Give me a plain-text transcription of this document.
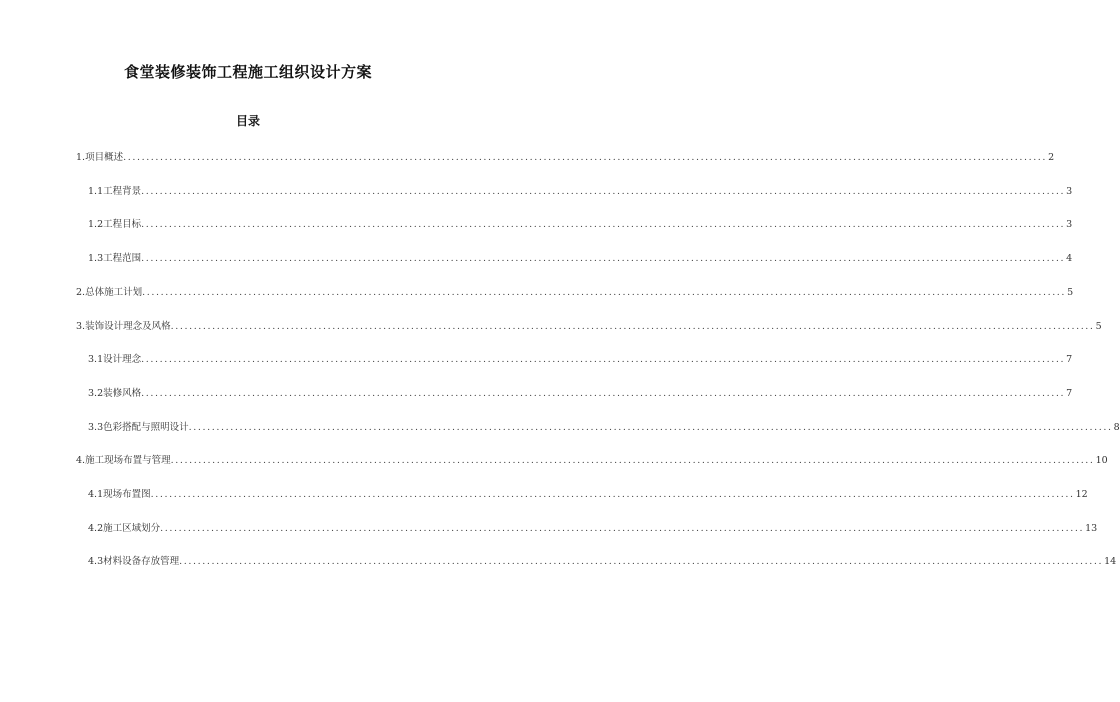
食堂装修装饰工程施工组织设计方案
目录
1. 项目概述 ........................................................................................................................................................................................................ 2
1.1 工程背景 ........................................................................................................................................................................................................ 3
1.2 工程目标 ........................................................................................................................................................................................................ 3
1.3 工程范围 ........................................................................................................................................................................................................ 4
2. 总体施工计划 ........................................................................................................................................................................................................ 5
3. 装饰设计理念及风格 ........................................................................................................................................................................................................ 5
3.1 设计理念 ........................................................................................................................................................................................................ 7
3.2 装修风格 ........................................................................................................................................................................................................ 7
3.3 色彩搭配与照明设计 ........................................................................................................................................................................................................ 8
4. 施工现场布置与管理 ........................................................................................................................................................................................................ 10
4.1 现场布置图 ........................................................................................................................................................................................................ 12
4.2 施工区域划分 ........................................................................................................................................................................................................ 13
4.3 材料设备存放管理 ........................................................................................................................................................................................................ 14
